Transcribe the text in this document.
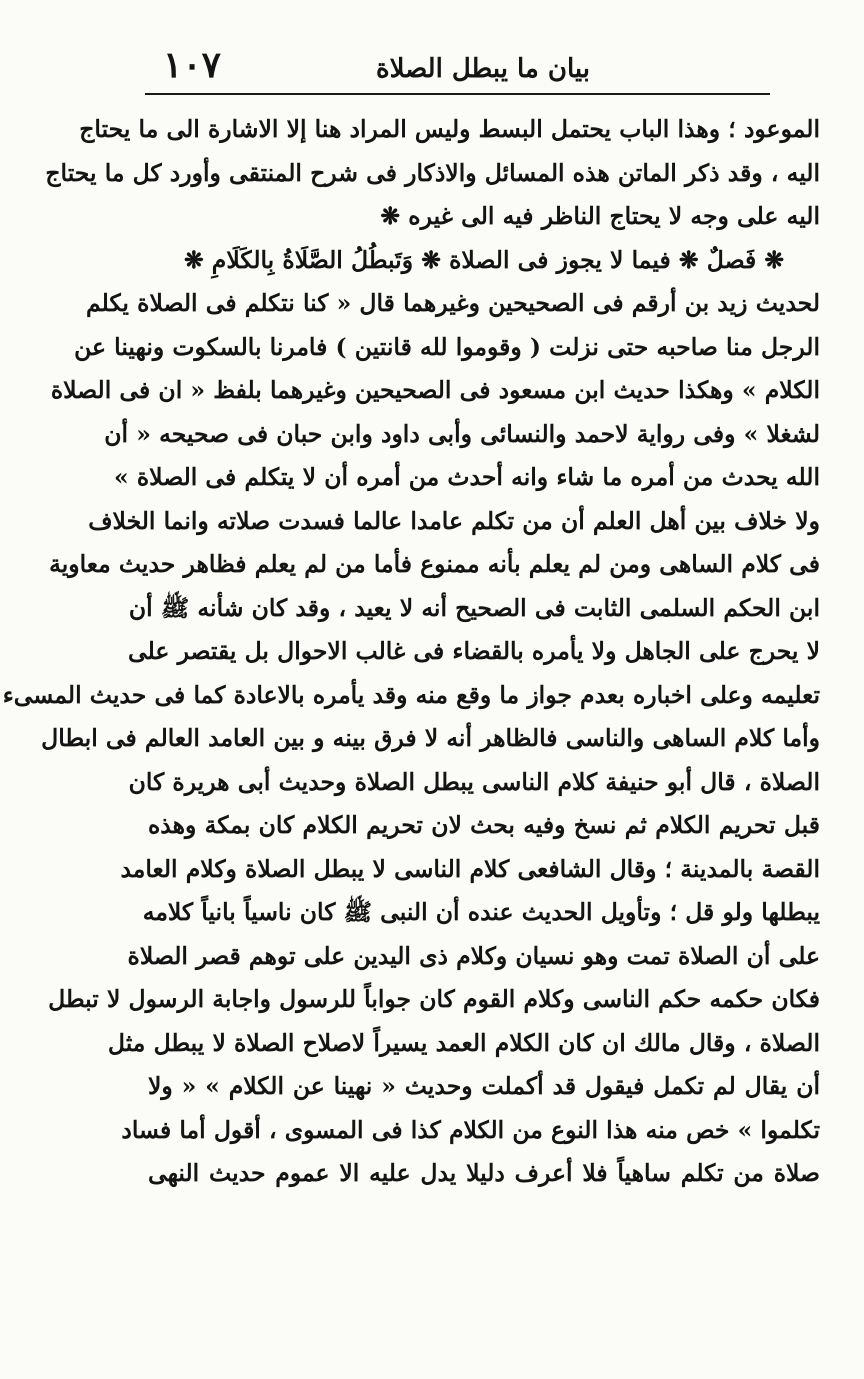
بيان ما يبطل الصلاة
١٠٧
الموعود ؛ وهذا الباب يحتمل البسط وليس المراد هنا إلا الاشارة الى ما يحتاج
اليه ، وقد ذكر الماتن هذه المسائل والاذكار فى شرح المنتقى وأورد كل ما يحتاج
اليه على وجه لا يحتاج الناظر فيه الى غيره ❋
❋ فَصلٌ ❋ فيما لا يجوز فى الصلاة ❋ وَتَبطُلُ الصَّلَاةُ بِالكَلَامِ ❋
لحديث زيد بن أرقم فى الصحيحين وغيرهما قال « كنا نتكلم فى الصلاة يكلم
الرجل منا صاحبه حتى نزلت ( وقوموا لله قانتين ) فامرنا بالسكوت ونهينا عن
الكلام » وهكذا حديث ابن مسعود فى الصحيحين وغيرهما بلفظ « ان فى الصلاة
لشغلا » وفى رواية لاحمد والنسائى وأبى داود وابن حبان فى صحيحه « أن
الله يحدث من أمره ما شاء وانه أحدث من أمره أن لا يتكلم فى الصلاة »
ولا خلاف بين أهل العلم أن من تكلم عامدا عالما فسدت صلاته وانما الخلاف
فى كلام الساهى ومن لم يعلم بأنه ممنوع فأما من لم يعلم فظاهر حديث معاوية
ابن الحكم السلمى الثابت فى الصحيح أنه لا يعيد ، وقد كان شأنه ﷺ أن
لا يحرج على الجاهل ولا يأمره بالقضاء فى غالب الاحوال بل يقتصر على
تعليمه وعلى اخباره بعدم جواز ما وقع منه وقد يأمره بالاعادة كما فى حديث المسىء
وأما كلام الساهى والناسى فالظاهر أنه لا فرق بينه و بين العامد العالم فى ابطال
الصلاة ، قال أبو حنيفة كلام الناسى يبطل الصلاة وحديث أبى هريرة كان
قبل تحريم الكلام ثم نسخ وفيه بحث لان تحريم الكلام كان بمكة وهذه
القصة بالمدينة ؛ وقال الشافعى كلام الناسى لا يبطل الصلاة وكلام العامد
يبطلها ولو قل ؛ وتأويل الحديث عنده أن النبى ﷺ كان ناسياً بانياً كلامه
على أن الصلاة تمت وهو نسيان وكلام ذى اليدين على توهم قصر الصلاة
فكان حكمه حكم الناسى وكلام القوم كان جواباً للرسول واجابة الرسول لا تبطل
الصلاة ، وقال مالك ان كان الكلام العمد يسيراً لاصلاح الصلاة لا يبطل مثل
أن يقال لم تكمل فيقول قد أكملت وحديث « نهينا عن الكلام » « ولا
تكلموا » خص منه هذا النوع من الكلام كذا فى المسوى ، أقول أما فساد
صلاة من تكلم ساهياً فلا أعرف دليلا يدل عليه الا عموم حديث النهى
